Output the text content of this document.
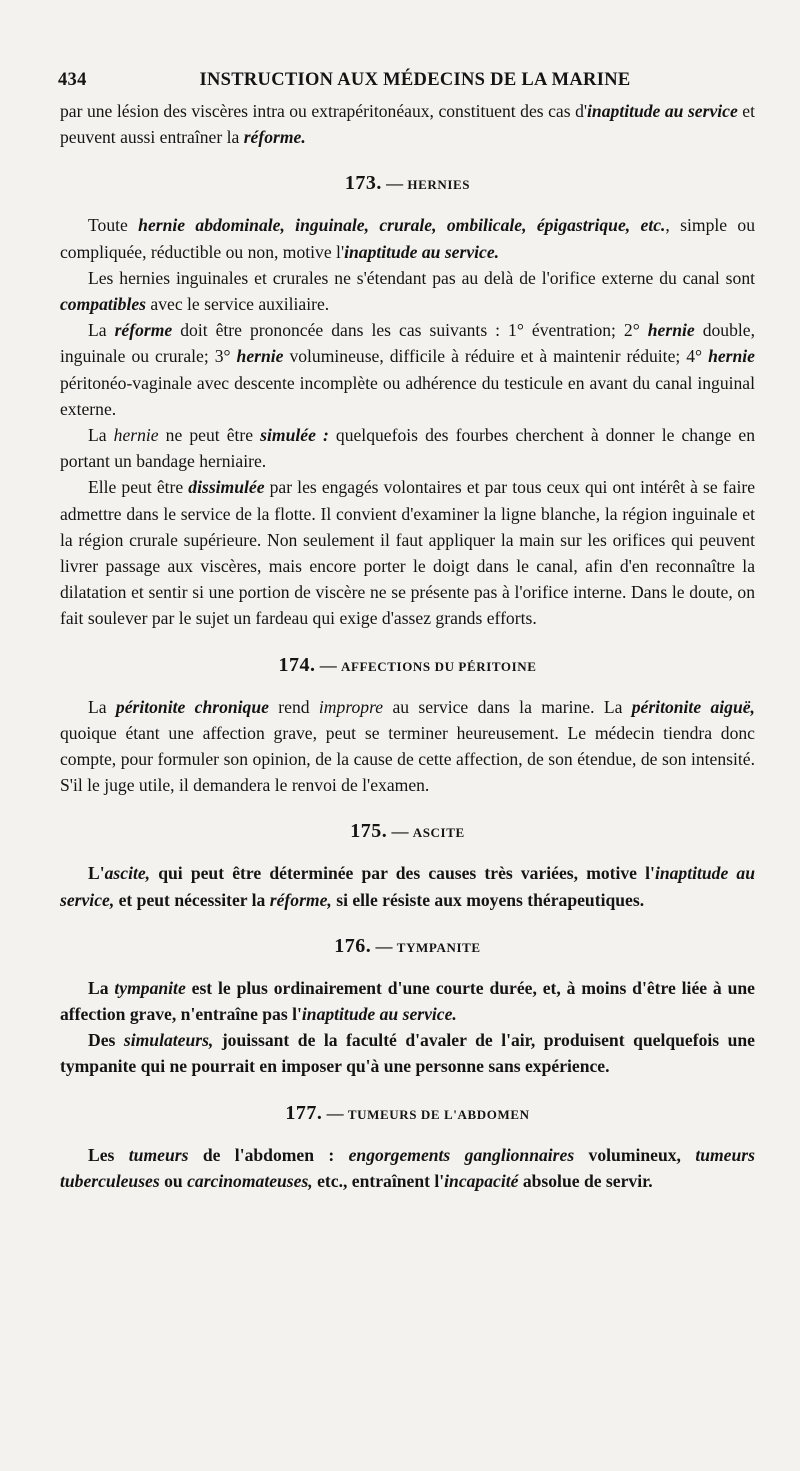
434	INSTRUCTION AUX MÉDECINS DE LA MARINE

par une lésion des viscères intra ou extrapéritonéaux, constituent des cas d'inaptitude au service et peuvent aussi entraîner la réforme.

173. — HERNIES

Toute hernie abdominale, inguinale, crurale, ombilicale, épigastrique, etc., simple ou compliquée, réductible ou non, motive l'inaptitude au service.

Les hernies inguinales et crurales ne s'étendant pas au delà de l'orifice externe du canal sont compatibles avec le service auxiliaire.

La réforme doit être prononcée dans les cas suivants : 1° éventration; 2° hernie double, inguinale ou crurale; 3° hernie volumineuse, difficile à réduire et à maintenir réduite; 4° hernie péritonéo-vaginale avec descente incomplète ou adhérence du testicule en avant du canal inguinal externe.

La hernie ne peut être simulée : quelquefois des fourbes cherchent à donner le change en portant un bandage herniaire.

Elle peut être dissimulée par les engagés volontaires et par tous ceux qui ont intérêt à se faire admettre dans le service de la flotte. Il convient d'examiner la ligne blanche, la région inguinale et la région crurale supérieure. Non seulement il faut appliquer la main sur les orifices qui peuvent livrer passage aux viscères, mais encore porter le doigt dans le canal, afin d'en reconnaître la dilatation et sentir si une portion de viscère ne se présente pas à l'orifice interne. Dans le doute, on fait soulever par le sujet un fardeau qui exige d'assez grands efforts.

174. — AFFECTIONS DU PÉRITOINE

La péritonite chronique rend impropre au service dans la marine. La péritonite aiguë, quoique étant une affection grave, peut se terminer heureusement. Le médecin tiendra donc compte, pour formuler son opinion, de la cause de cette affection, de son étendue, de son intensité. S'il le juge utile, il demandera le renvoi de l'examen.

175. — ASCITE

L'ascite, qui peut être déterminée par des causes très variées, motive l'inaptitude au service, et peut nécessiter la réforme, si elle résiste aux moyens thérapeutiques.

176. — TYMPANITE

La tympanite est le plus ordinairement d'une courte durée, et, à moins d'être liée à une affection grave, n'entraîne pas l'inaptitude au service.

Des simulateurs, jouissant de la faculté d'avaler de l'air, produisent quelquefois une tympanite qui ne pourrait en imposer qu'à une personne sans expérience.

177. — TUMEURS DE L'ABDOMEN

Les tumeurs de l'abdomen : engorgements ganglionnaires volumineux, tumeurs tuberculeuses ou carcinomateuses, etc., entraînent l'incapacité absolue de servir.
